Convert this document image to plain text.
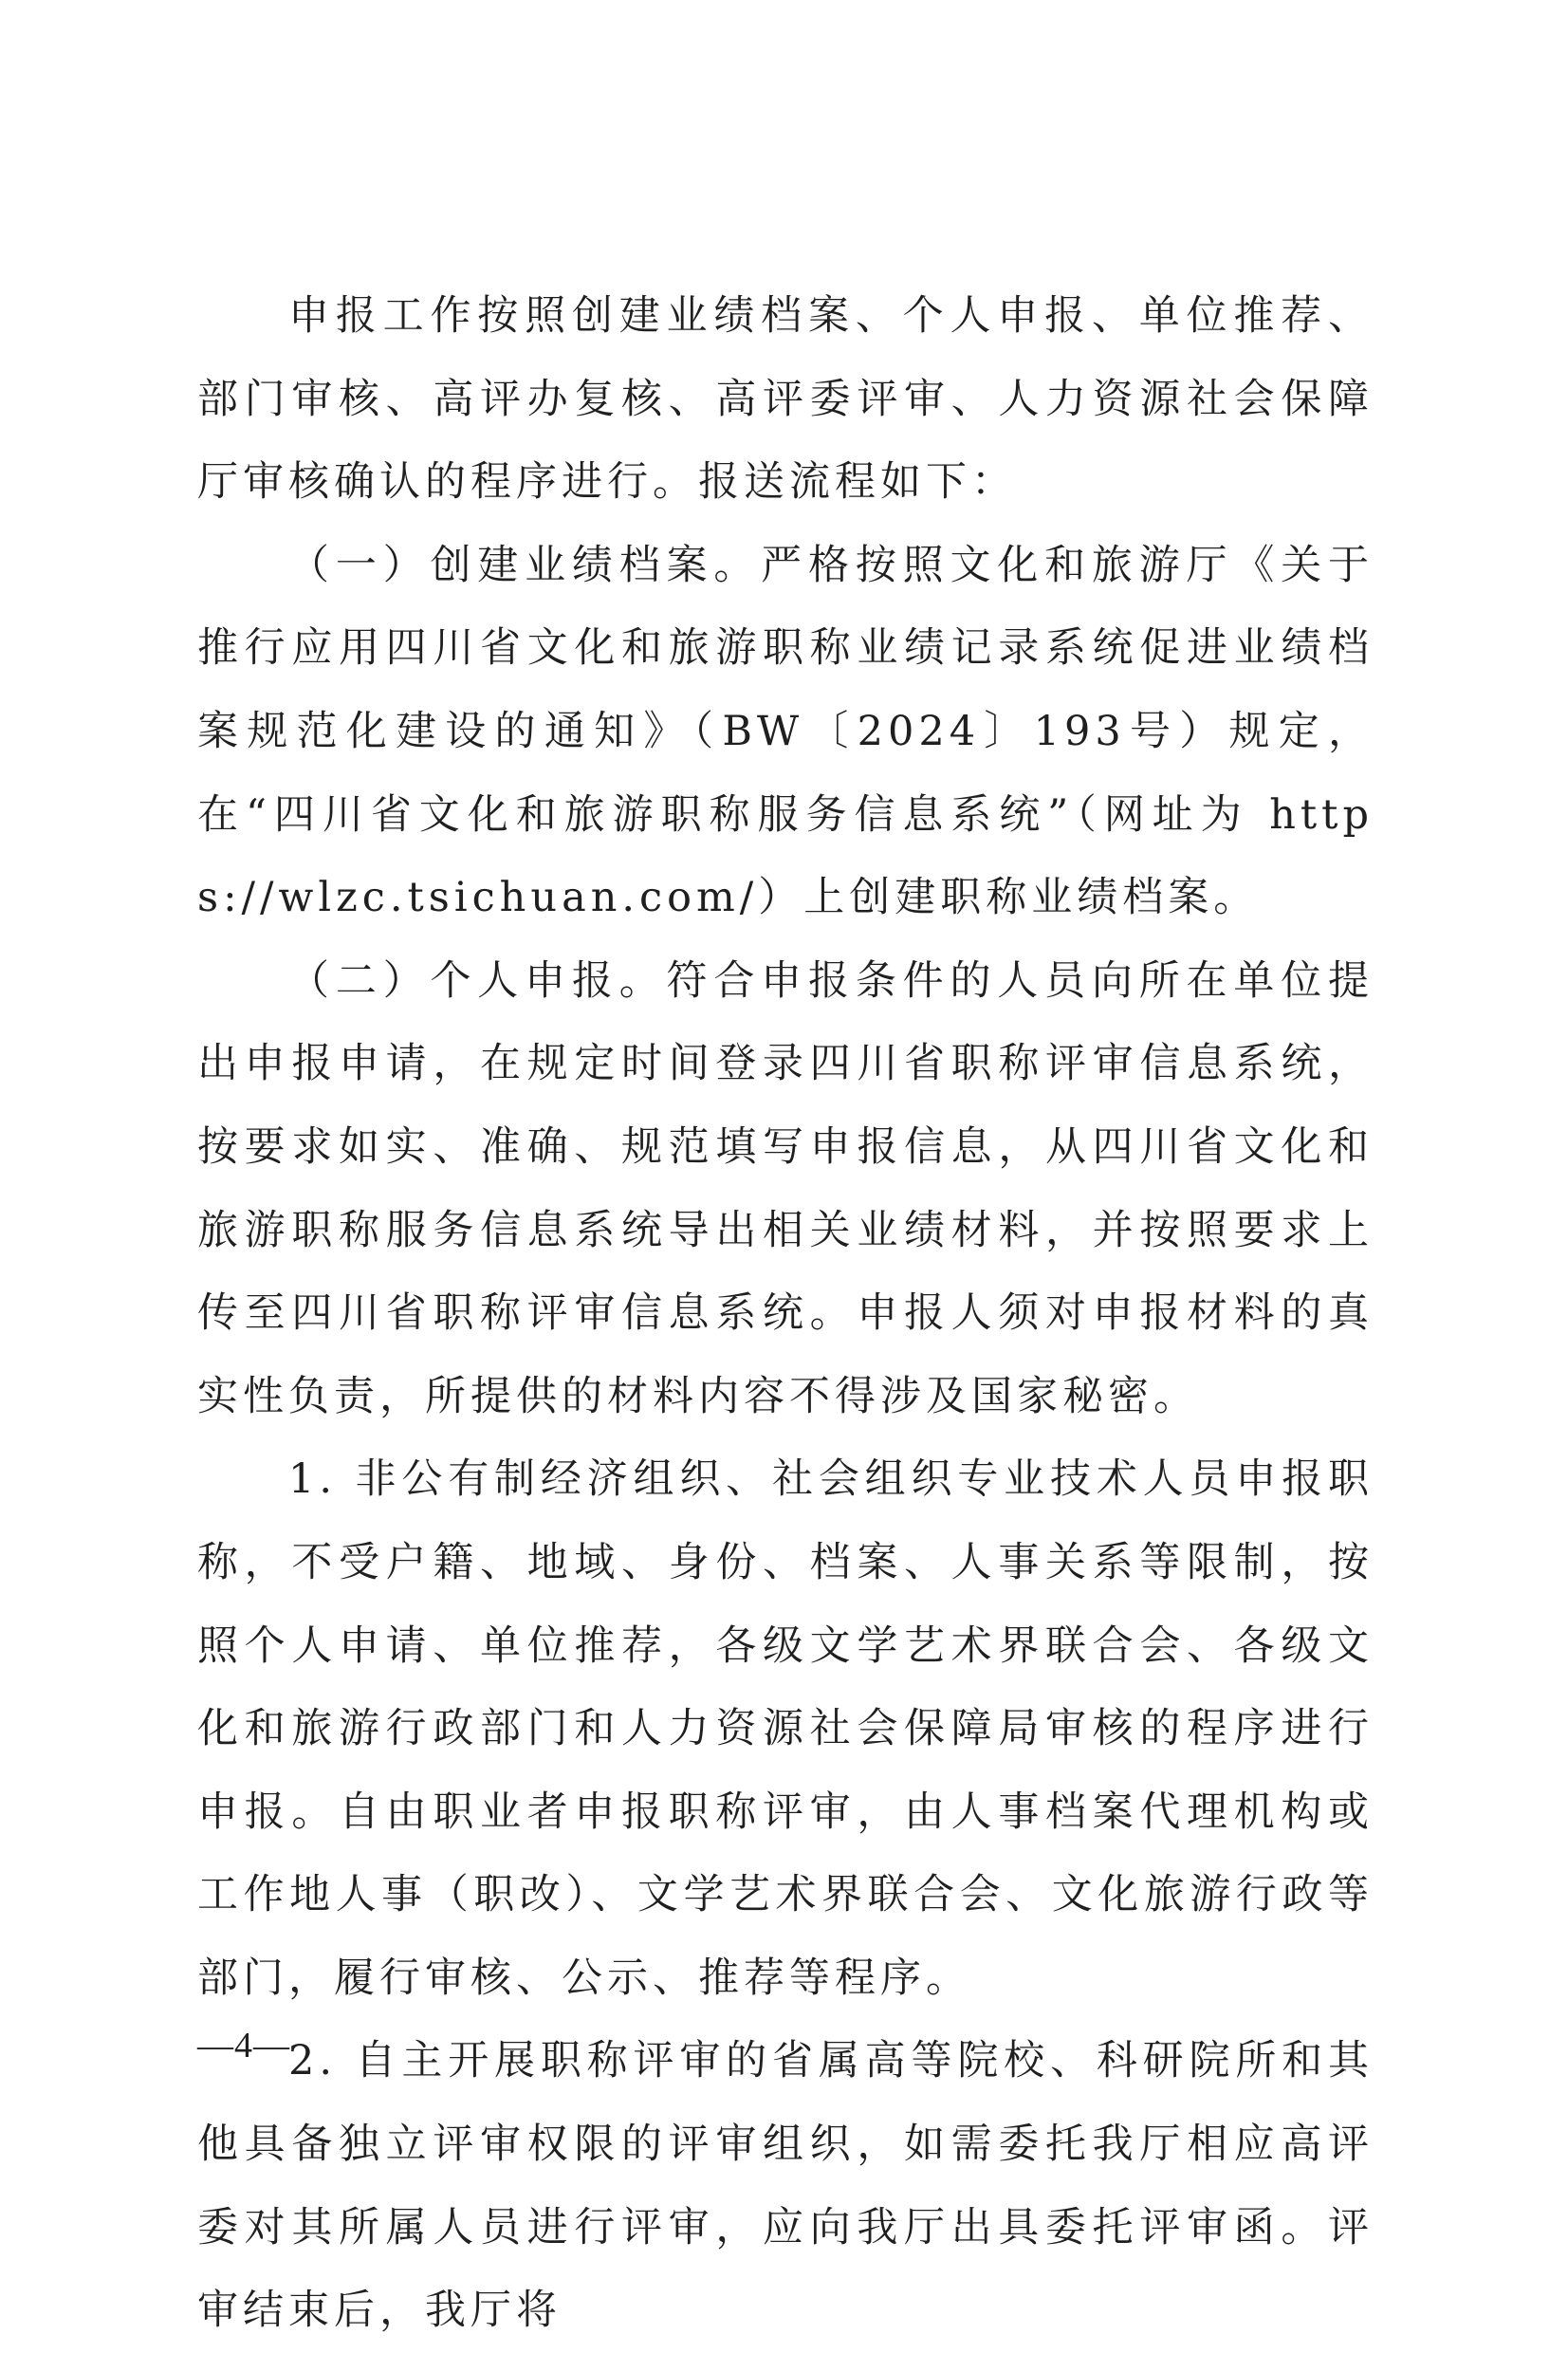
申报工作按照创建业绩档案、个人申报、单位推荐、部门审核、高评办复核、高评委评审、人力资源社会保障厅审核确认的程序进行。报送流程如下：

（一）创建业绩档案。严格按照文化和旅游厅《关于推行应用四川省文化和旅游职称业绩记录系统促进业绩档案规范化建设的通知》（BW〔2024〕193号）规定，在“四川省文化和旅游职称服务信息系统”（网址为 https://wlzc.tsichuan.com/）上创建职称业绩档案。

（二）个人申报。符合申报条件的人员向所在单位提出申报申请，在规定时间登录四川省职称评审信息系统，按要求如实、准确、规范填写申报信息，从四川省文化和旅游职称服务信息系统导出相关业绩材料，并按照要求上传至四川省职称评审信息系统。申报人须对申报材料的真实性负责，所提供的材料内容不得涉及国家秘密。

1. 非公有制经济组织、社会组织专业技术人员申报职称，不受户籍、地域、身份、档案、人事关系等限制，按照个人申请、单位推荐，各级文学艺术界联合会、各级文化和旅游行政部门和人力资源社会保障局审核的程序进行申报。自由职业者申报职称评审，由人事档案代理机构或工作地人事（职改）、文学艺术界联合会、文化旅游行政等部门，履行审核、公示、推荐等程序。

2. 自主开展职称评审的省属高等院校、科研院所和其他具备独立评审权限的评审组织，如需委托我厅相应高评委对其所属人员进行评审，应向我厅出具委托评审函。评审结束后，我厅将

—4—
